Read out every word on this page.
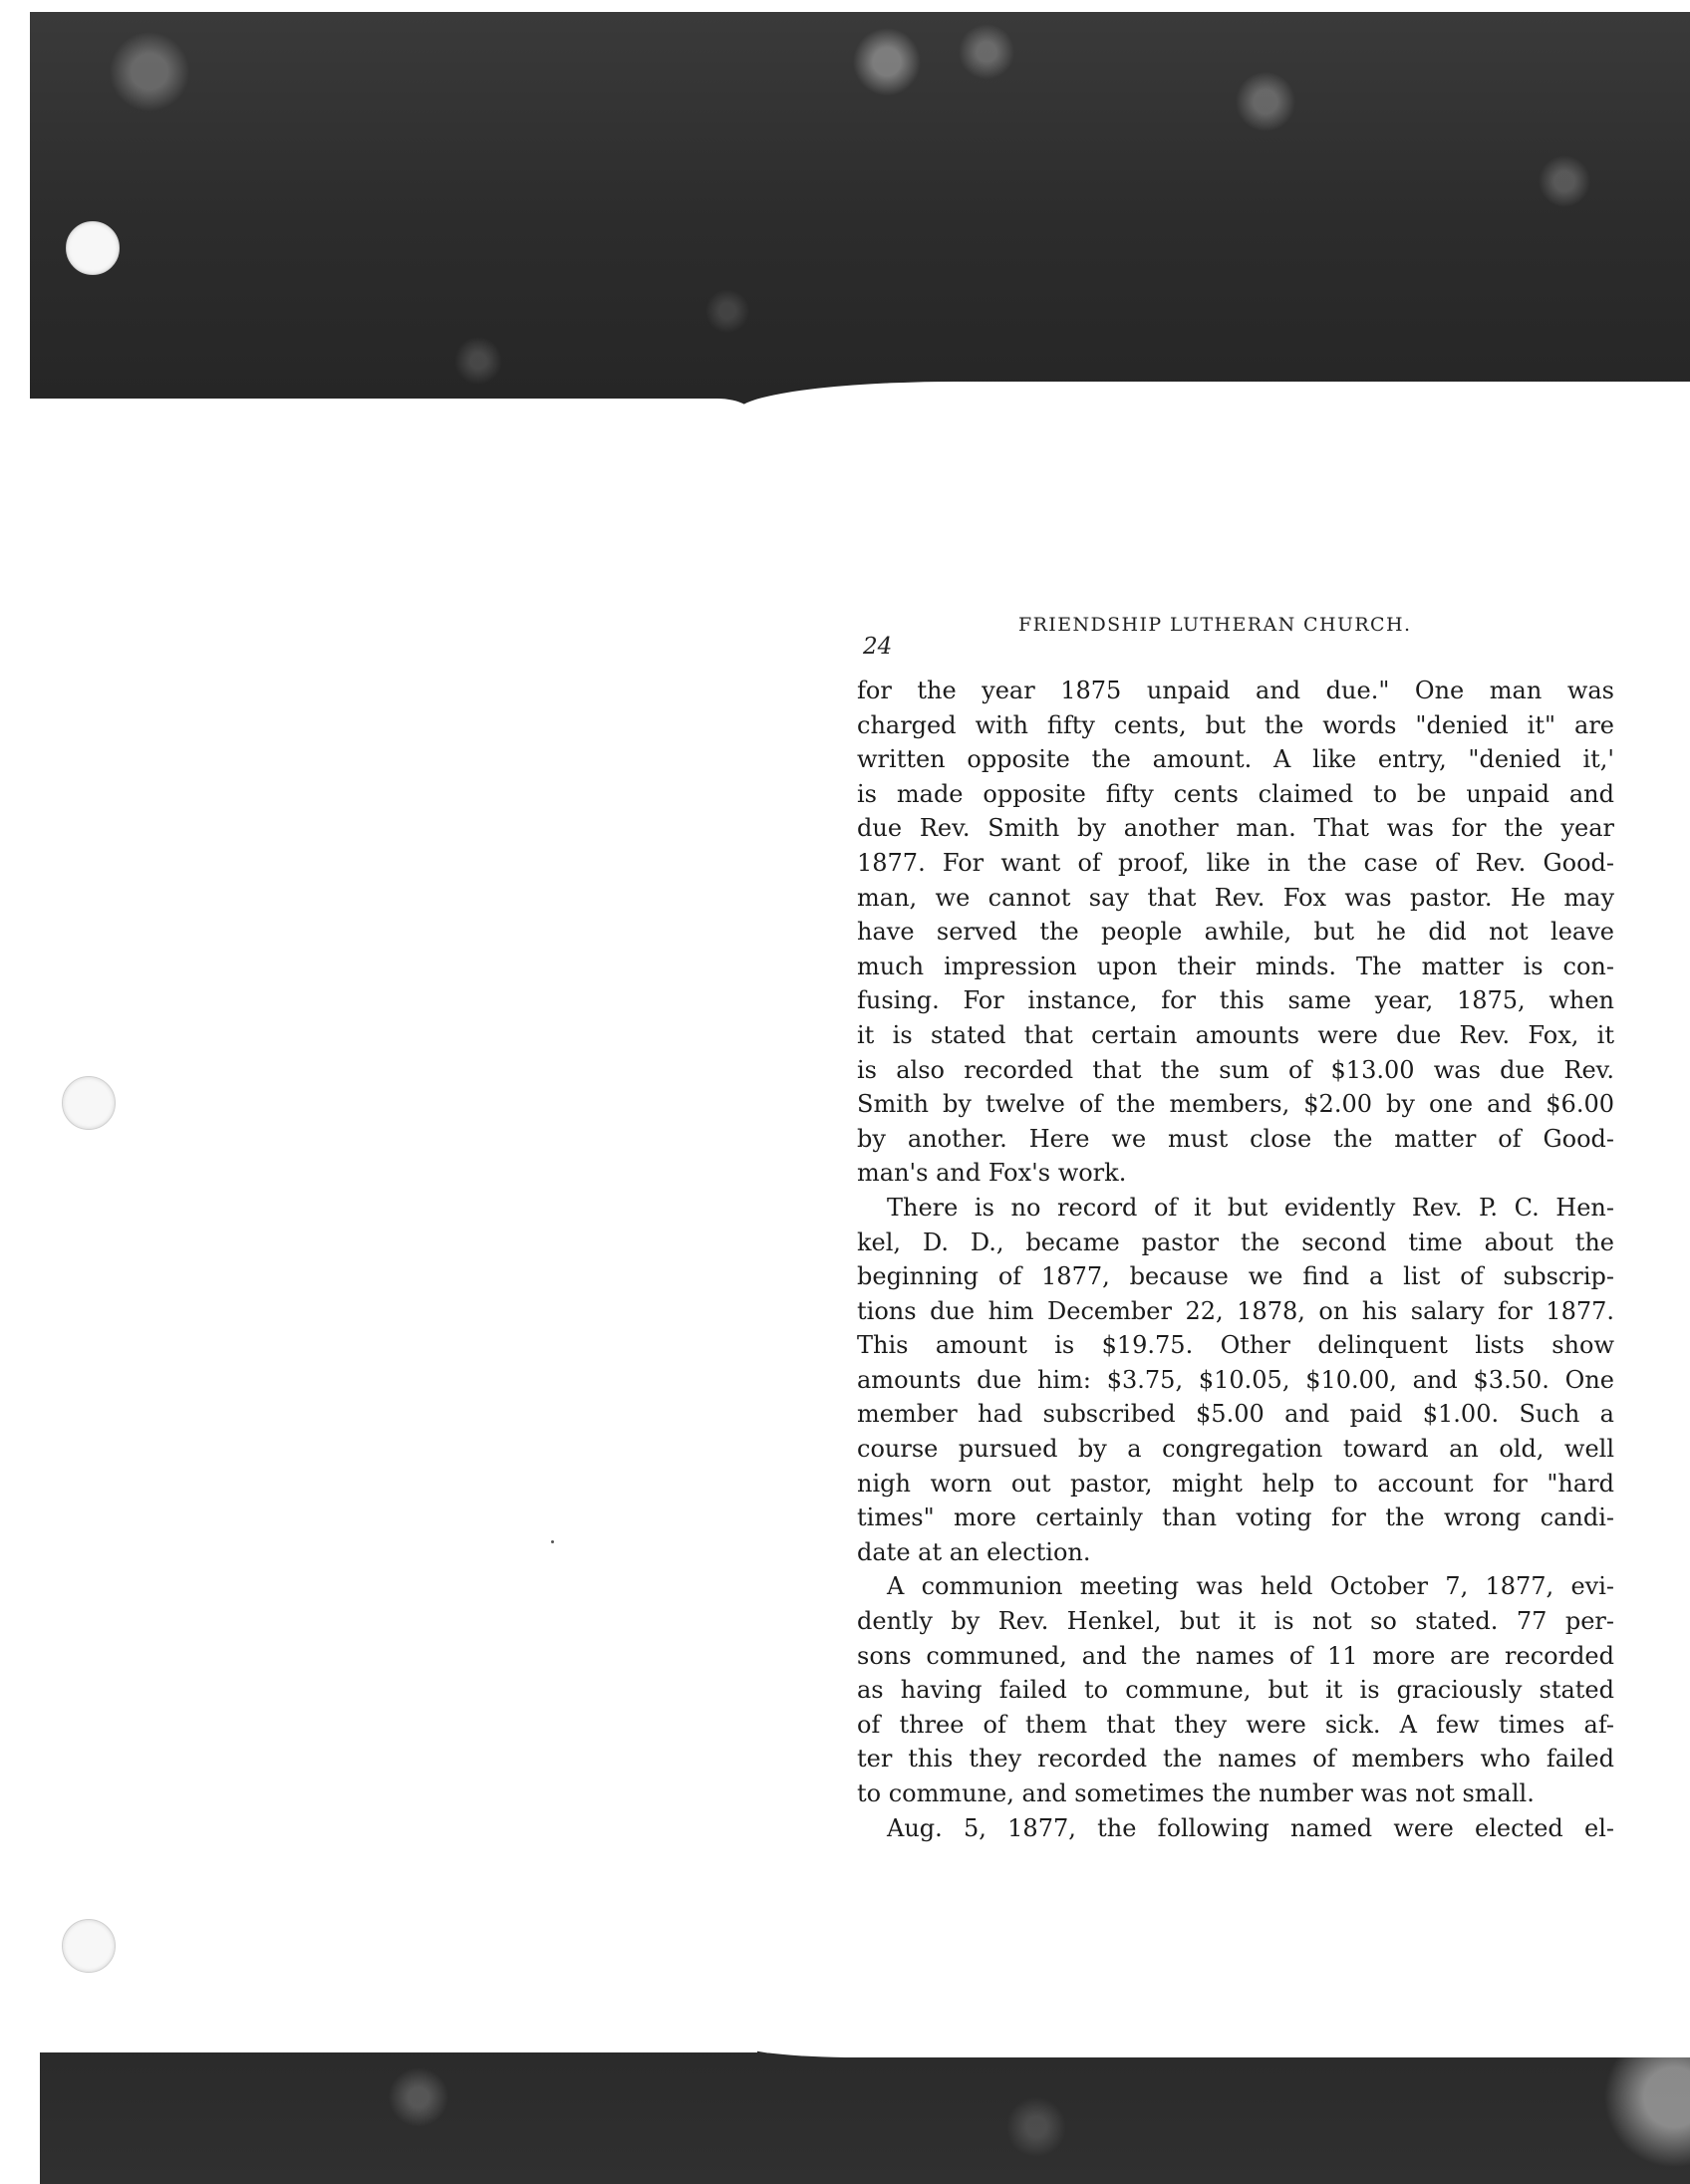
24
FRIENDSHIP LUTHERAN CHURCH.
for the year 1875 unpaid and due." One man was
charged with fifty cents, but the words "denied it" are
written opposite the amount. A like entry, "denied it,'
is made opposite fifty cents claimed to be unpaid and
due Rev. Smith by another man. That was for the year
1877. For want of proof, like in the case of Rev. Good-
man, we cannot say that Rev. Fox was pastor. He may
have served the people awhile, but he did not leave
much impression upon their minds. The matter is con-
fusing. For instance, for this same year, 1875, when
it is stated that certain amounts were due Rev. Fox, it
is also recorded that the sum of $13.00 was due Rev.
Smith by twelve of the members, $2.00 by one and $6.00
by another. Here we must close the matter of Good-
man's and Fox's work.
There is no record of it but evidently Rev. P. C. Hen-
kel, D. D., became pastor the second time about the
beginning of 1877, because we find a list of subscrip-
tions due him December 22, 1878, on his salary for 1877.
This amount is $19.75. Other delinquent lists show
amounts due him: $3.75, $10.05, $10.00, and $3.50. One
member had subscribed $5.00 and paid $1.00. Such a
course pursued by a congregation toward an old, well
nigh worn out pastor, might help to account for "hard
times" more certainly than voting for the wrong candi-
date at an election.
A communion meeting was held October 7, 1877, evi-
dently by Rev. Henkel, but it is not so stated. 77 per-
sons communed, and the names of 11 more are recorded
as having failed to commune, but it is graciously stated
of three of them that they were sick. A few times af-
ter this they recorded the names of members who failed
to commune, and sometimes the number was not small.
Aug. 5, 1877, the following named were elected el-
